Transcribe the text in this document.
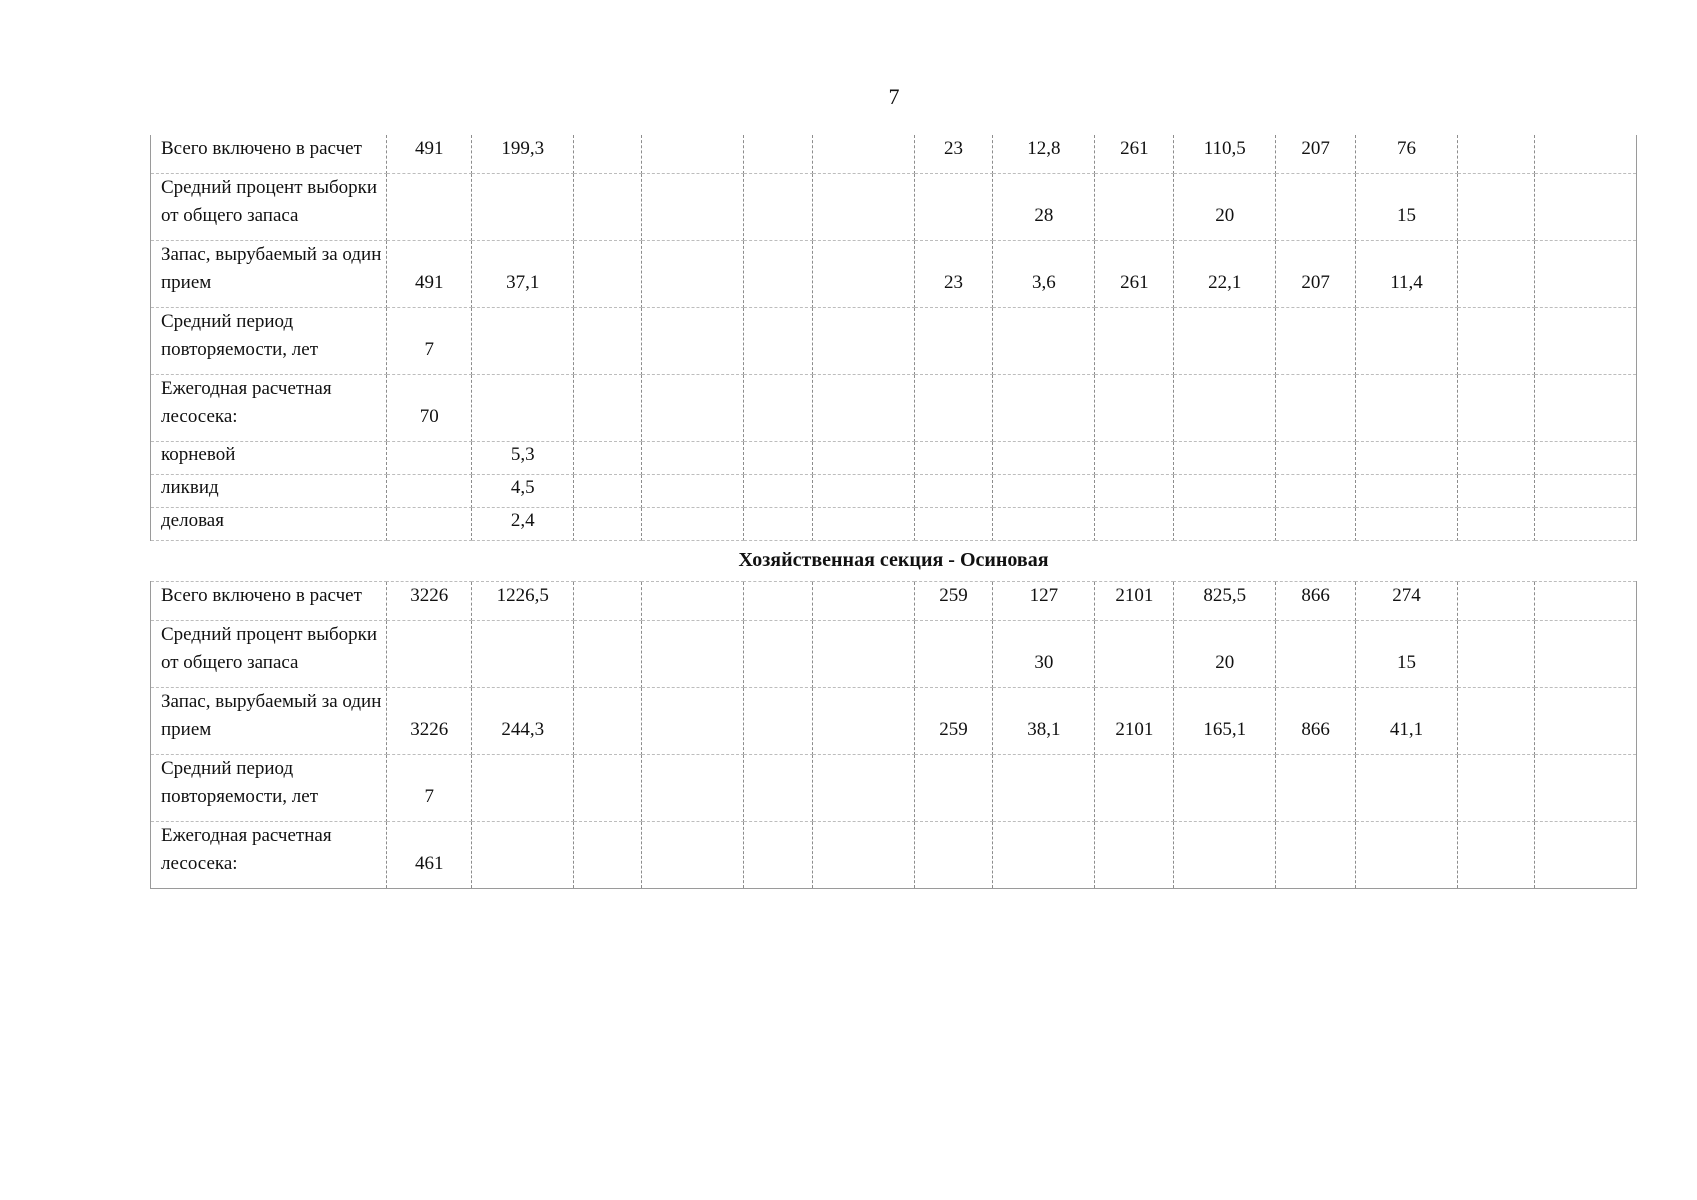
7
Всего включено в расчет	491	199,3					23	12,8	261	110,5	207	76		
Средний процент выборки от общего запаса								28		20		15		
Запас, вырубаемый за один прием	491	37,1					23	3,6	261	22,1	207	11,4		
Средний период повторяемости, лет	7													
Ежегодная расчетная лесосека:	70													
корневой		5,3												
ликвид		4,5												
деловая		2,4												
Хозяйственная секция - Осиновая														
Всего включено в расчет	3226	1226,5					259	127	2101	825,5	866	274		
Средний процент выборки от общего запаса								30		20		15		
Запас, вырубаемый за один прием	3226	244,3					259	38,1	2101	165,1	866	41,1		
Средний период повторяемости, лет	7													
Ежегодная расчетная лесосека:	461													
